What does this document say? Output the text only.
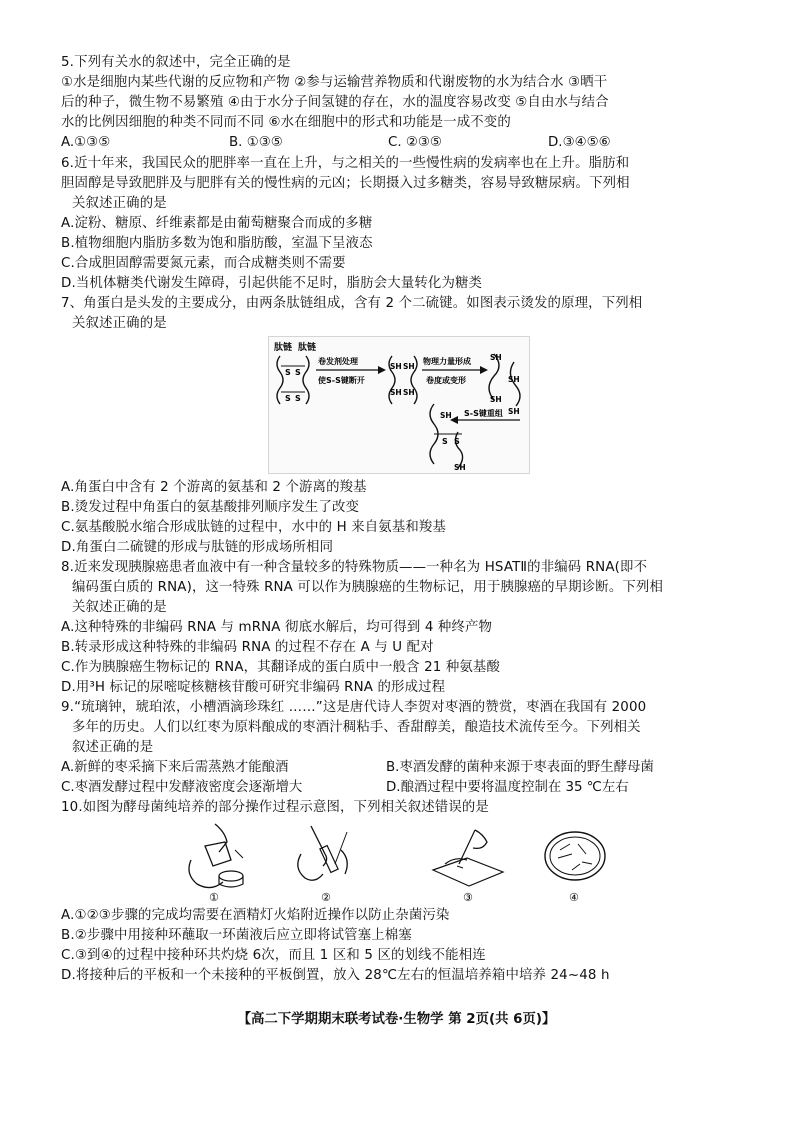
5.下列有关水的叙述中，完全正确的是
①水是细胞内某些代谢的反应物和产物 ②参与运输营养物质和代谢废物的水为结合水 ③晒干
后的种子，微生物不易繁殖 ④由于水分子间氢键的存在，水的温度容易改变 ⑤自由水与结合
水的比例因细胞的种类不同而不同 ⑥水在细胞中的形式和功能是一成不变的
A.①③⑤	B. ①③⑤	C. ②③⑤	D.③④⑤⑥
6.近十年来，我国民众的肥胖率一直在上升，与之相关的一些慢性病的发病率也在上升。脂肪和
胆固醇是导致肥胖及与肥胖有关的慢性病的元凶；长期摄入过多糖类，容易导致糖尿病。下列相
关叙述正确的是
A.淀粉、糖原、纤维素都是由葡萄糖聚合而成的多糖
B.植物细胞内脂肪多数为饱和脂肪酸，室温下呈液态
C.合成胆固醇需要氮元素，而合成糖类则不需要
D.当机体糖类代谢发生障碍，引起供能不足时，脂肪会大量转化为糖类
7、角蛋白是头发的主要成分，由两条肽链组成，含有 2 个二硫键。如图表示烫发的原理，下列相
关叙述正确的是
肽链 肽链
S S
S S
卷发剂处理
使S-S键断开
SH SH
SH SH
物理力量形成
卷度或变形
SH
SH
SH
SH
S-S键重组
SH
S S
SH
A.角蛋白中含有 2 个游离的氨基和 2 个游离的羧基
B.烫发过程中角蛋白的氨基酸排列顺序发生了改变
C.氨基酸脱水缩合形成肽链的过程中，水中的 H 来自氨基和羧基
D.角蛋白二硫键的形成与肽链的形成场所相同
8.近来发现胰腺癌患者血液中有一种含量较多的特殊物质——一种名为 HSATⅡ的非编码 RNA(即不
编码蛋白质的 RNA)，这一特殊 RNA 可以作为胰腺癌的生物标记，用于胰腺癌的早期诊断。下列相
关叙述正确的是
A.这种特殊的非编码 RNA 与 mRNA 彻底水解后，均可得到 4 种终产物
B.转录形成这种特殊的非编码 RNA 的过程不存在 A 与 U 配对
C.作为胰腺癌生物标记的 RNA，其翻译成的蛋白质中一般含 21 种氨基酸
D.用³H 标记的尿嘧啶核糖核苷酸可研究非编码 RNA 的形成过程
9.“琉璃钟，琥珀浓，小槽酒滴珍珠红 ……”这是唐代诗人李贺对枣酒的赞赏，枣酒在我国有 2000
多年的历史。人们以红枣为原料酿成的枣酒汁稠粘手、香甜醇美，酿造技术流传至今。下列相关
叙述正确的是
A.新鲜的枣采摘下来后需蒸熟才能酿酒	B.枣酒发酵的菌种来源于枣表面的野生酵母菌
C.枣酒发酵过程中发酵液密度会逐渐增大	D.酿酒过程中要将温度控制在 35 ℃左右
10.如图为酵母菌纯培养的部分操作过程示意图，下列相关叙述错误的是
①	②	③	④
A.①②③步骤的完成均需要在酒精灯火焰附近操作以防止杂菌污染
B.②步骤中用接种环蘸取一环菌液后应立即将试管塞上棉塞
C.③到④的过程中接种环共灼烧 6次，而且 1 区和 5 区的划线不能相连
D.将接种后的平板和一个未接种的平板倒置，放入 28℃左右的恒温培养箱中培养 24~48 h
【高二下学期期末联考试卷·生物学 第 2页(共 6页)】
